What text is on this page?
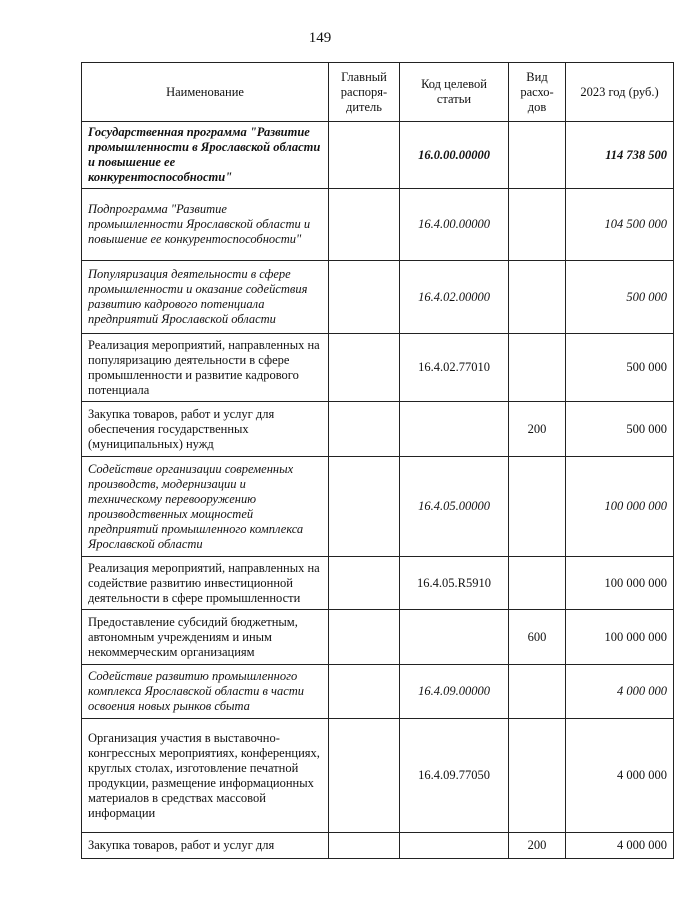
149
Наименование	Главный распоря-дитель	Код целевой статьи	Вид расхо-дов	2023 год (руб.)
Государственная программа "Развитие промышленности в Ярославской области и повышение ее конкурентоспособности"		16.0.00.00000		114 738 500
Подпрограмма "Развитие промышленности Ярославской области и повышение ее конкурентоспособности"		16.4.00.00000		104 500 000
Популяризация деятельности в сфере промышленности и оказание содействия развитию кадрового потенциала предприятий Ярославской области		16.4.02.00000		500 000
Реализация мероприятий, направленных на популяризацию деятельности в сфере промышленности и развитие кадрового потенциала		16.4.02.77010		500 000
Закупка товаров, работ и услуг для обеспечения государственных (муниципальных) нужд			200	500 000
Содействие организации современных производств, модернизации и техническому перевооружению производственных мощностей предприятий промышленного комплекса Ярославской области		16.4.05.00000		100 000 000
Реализация мероприятий, направленных на содействие развитию инвестиционной деятельности в сфере промышленности		16.4.05.R5910		100 000 000
Предоставление субсидий бюджетным, автономным учреждениям и иным некоммерческим организациям			600	100 000 000
Содействие развитию промышленного комплекса Ярославской области в части освоения новых рынков сбыта		16.4.09.00000		4 000 000
Организация участия в выставочно-конгрессных мероприятиях, конференциях, круглых столах, изготовление печатной продукции, размещение информационных материалов в средствах массовой информации		16.4.09.77050		4 000 000
Закупка товаров, работ и услуг для			200	4 000 000
